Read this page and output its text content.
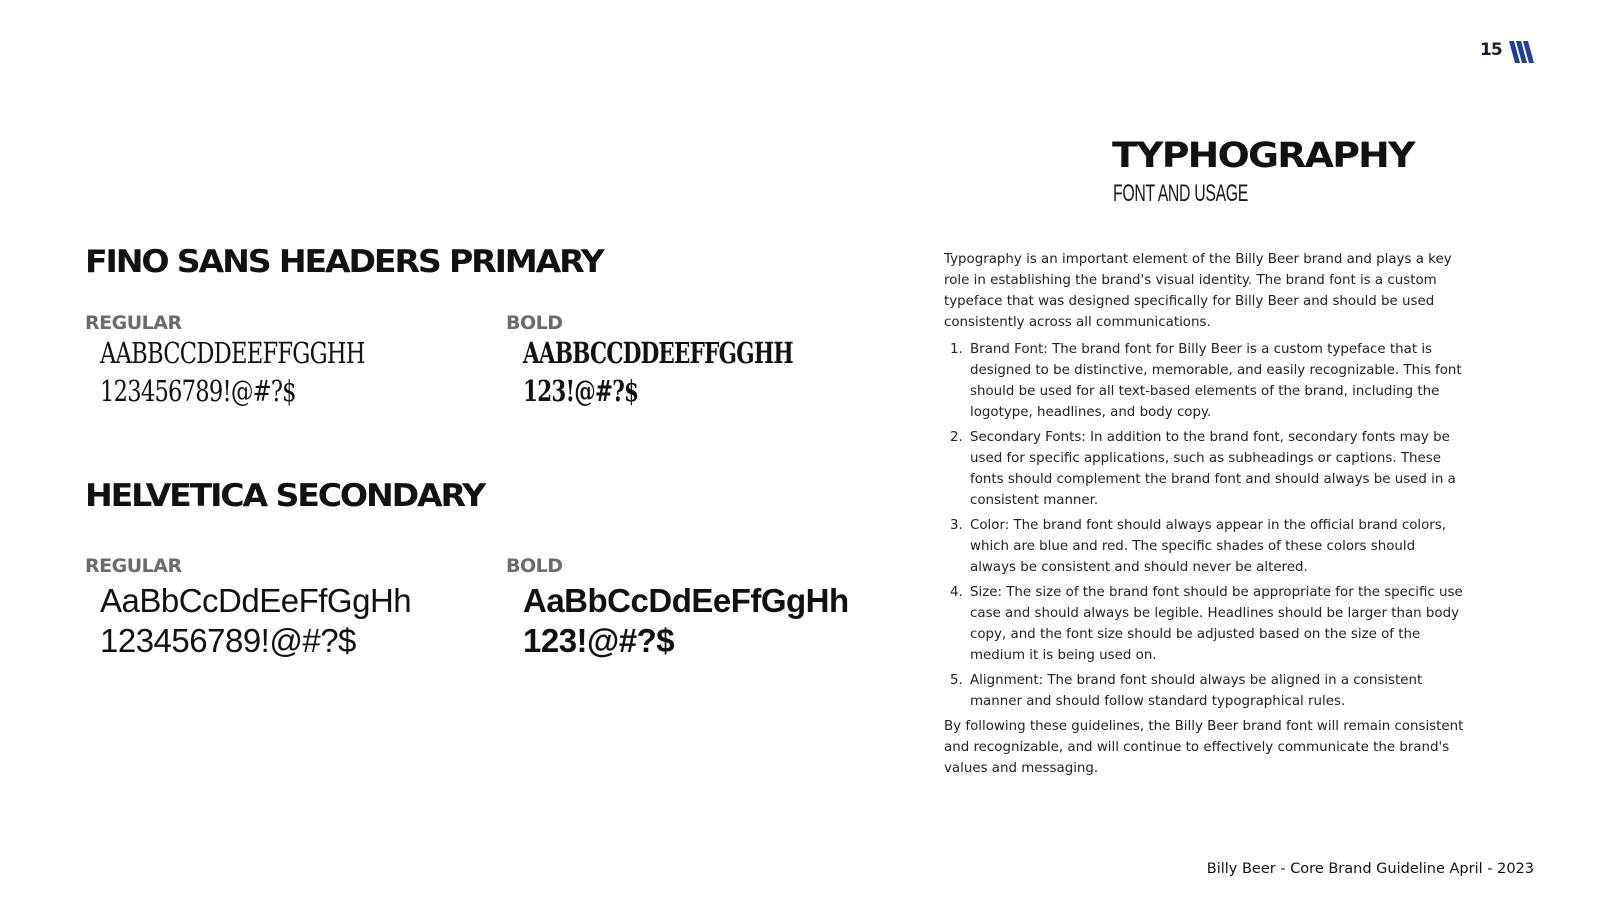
15
TYPHOGRAPHY
FONT AND USAGE
FINO SANS HEADERS PRIMARY
REGULAR
AABBCCDDEEFFGGHH
123456789!@#?$
BOLD
AABBCCDDEEFFGGHH
123!@#?$
HELVETICA SECONDARY
REGULAR
AaBbCcDdEeFfGgHh
123456789!@#?$
BOLD
AaBbCcDdEeFfGgHh
123!@#?$

Typography is an important element of the Billy Beer brand and plays a key role in establishing the brand's visual identity. The brand font is a custom typeface that was designed specifically for Billy Beer and should be used consistently across all communications.

1. Brand Font: The brand font for Billy Beer is a custom typeface that is designed to be distinctive, memorable, and easily recognizable. This font should be used for all text-based elements of the brand, including the logotype, headlines, and body copy.
2. Secondary Fonts: In addition to the brand font, secondary fonts may be used for specific applications, such as subheadings or captions. These fonts should complement the brand font and should always be used in a consistent manner.
3. Color: The brand font should always appear in the official brand colors, which are blue and red. The specific shades of these colors should always be consistent and should never be altered.
4. Size: The size of the brand font should be appropriate for the specific use case and should always be legible. Headlines should be larger than body copy, and the font size should be adjusted based on the size of the medium it is being used on.
5. Alignment: The brand font should always be aligned in a consistent manner and should follow standard typographical rules.

By following these guidelines, the Billy Beer brand font will remain consistent and recognizable, and will continue to effectively communicate the brand's values and messaging.

Billy Beer - Core Brand Guideline April - 2023
